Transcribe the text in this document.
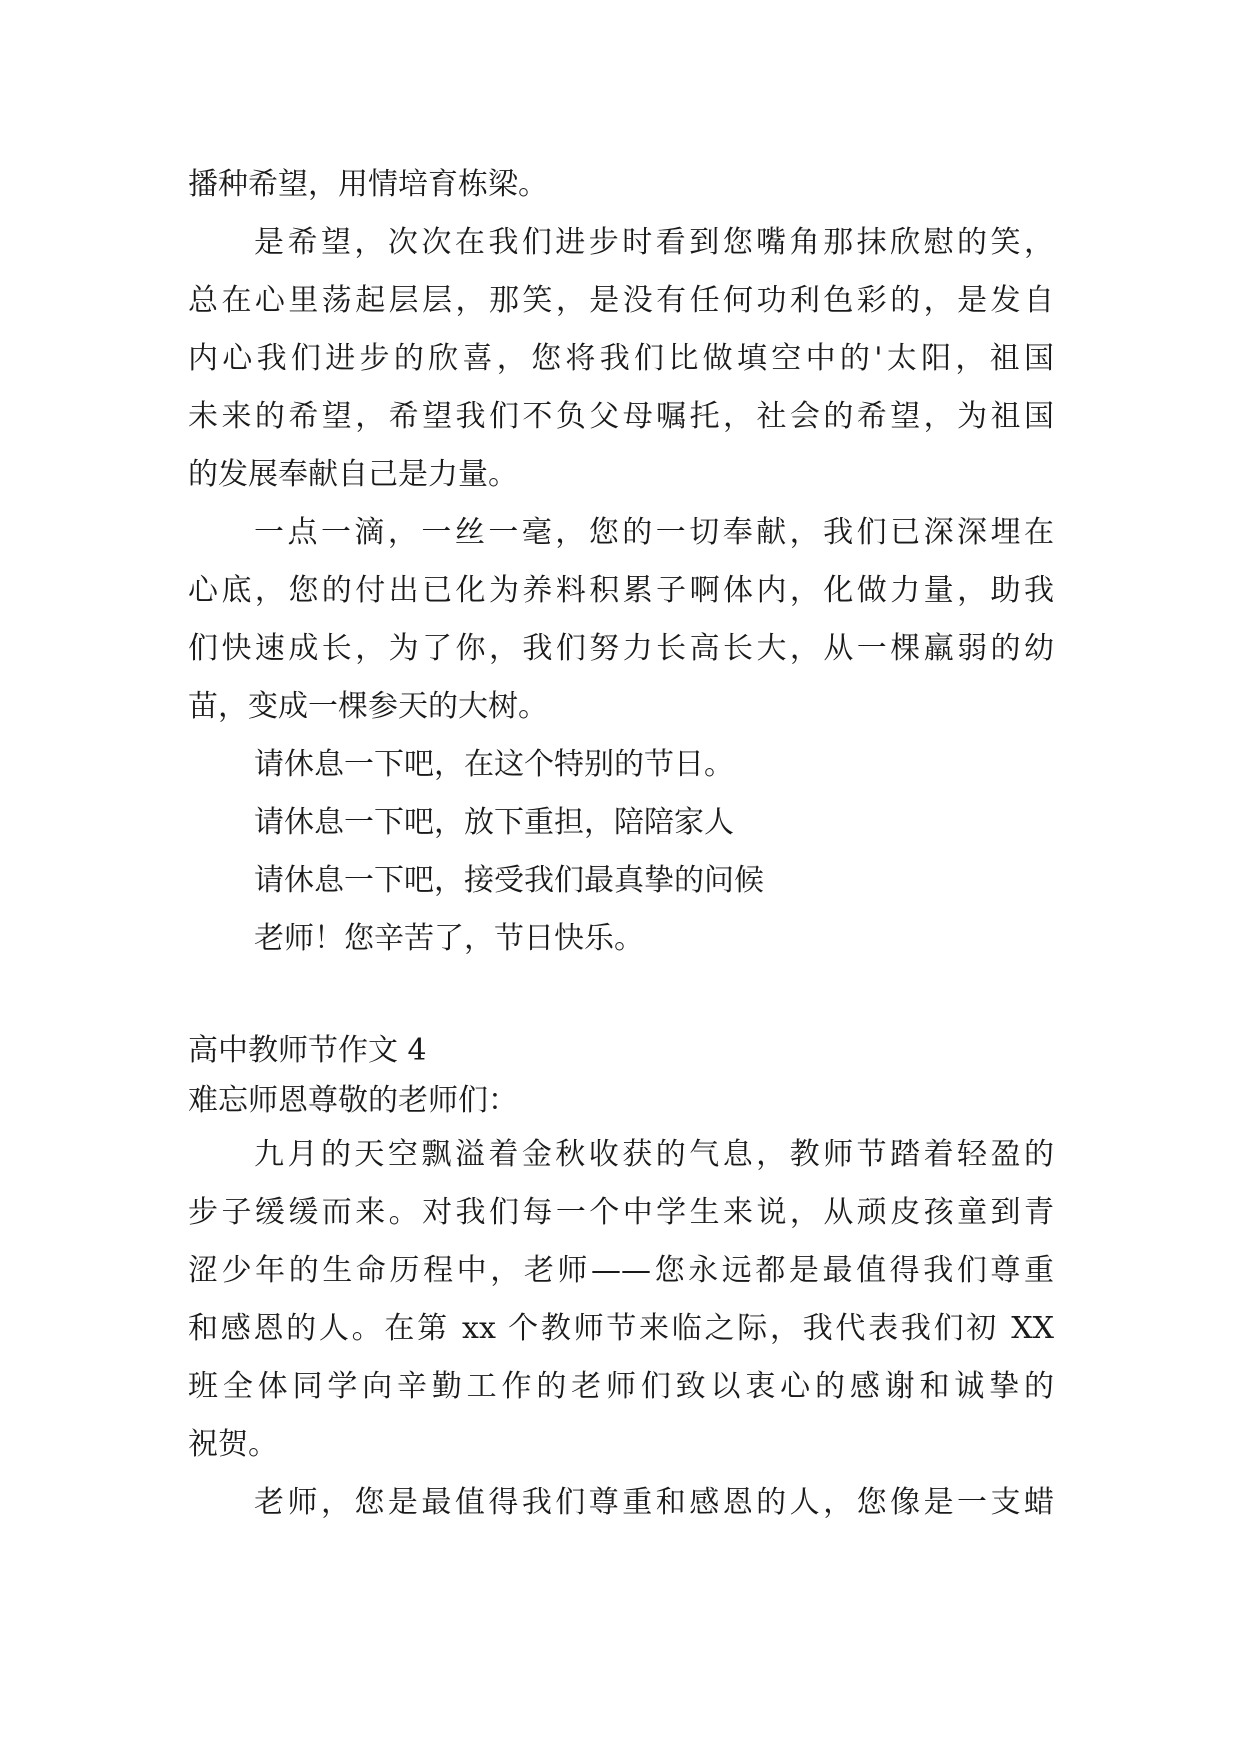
播种希望，用情培育栋梁。
是希望，次次在我们进步时看到您嘴角那抹欣慰的笑，
总在心里荡起层层，那笑，是没有任何功利色彩的，是发自
内心我们进步的欣喜，您将我们比做填空中的'太阳，祖国
未来的希望，希望我们不负父母嘱托，社会的希望，为祖国
的发展奉献自己是力量。
一点一滴，一丝一毫，您的一切奉献，我们已深深埋在
心底，您的付出已化为养料积累子啊体内，化做力量，助我
们快速成长，为了你，我们努力长高长大，从一棵羸弱的幼
苗，变成一棵参天的大树。
请休息一下吧，在这个特别的节日。
请休息一下吧，放下重担，陪陪家人
请休息一下吧，接受我们最真挚的问候
老师！您辛苦了，节日快乐。
高中教师节作文 4
难忘师恩尊敬的老师们：
九月的天空飘溢着金秋收获的气息，教师节踏着轻盈的
步子缓缓而来。对我们每一个中学生来说，从顽皮孩童到青
涩少年的生命历程中，老师——您永远都是最值得我们尊重
和感恩的人。在第 xx 个教师节来临之际，我代表我们初 XX
班全体同学向辛勤工作的老师们致以衷心的感谢和诚挚的
祝贺。
老师，您是最值得我们尊重和感恩的人，您像是一支蜡
